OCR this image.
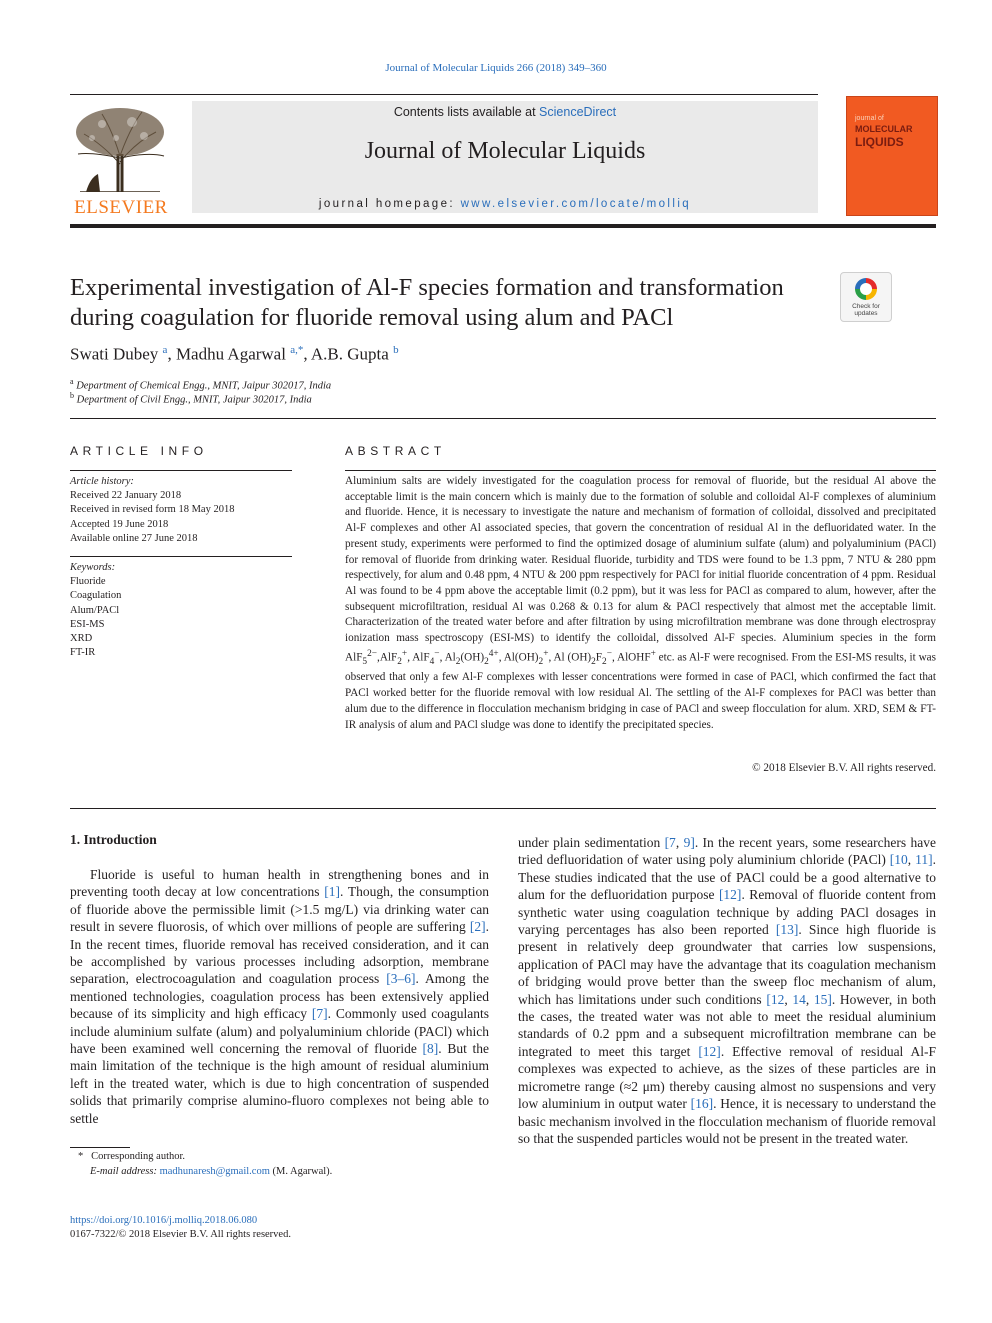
Journal of Molecular Liquids 266 (2018) 349–360
ELSEVIER
Contents lists available at ScienceDirect
Journal of Molecular Liquids
journal homepage: www.elsevier.com/locate/molliq
journal of
MOLECULAR
LIQUIDS
Experimental investigation of Al-F species formation and transformation during coagulation for fluoride removal using alum and PACl	Check for
updates
Swati Dubey $^a$, Madhu Agarwal $^{a,*}$, A.B. Gupta $^b$
$^a$ Department of Chemical Engg., MNIT, Jaipur 302017, India
$^b$ Department of Civil Engg., MNIT, Jaipur 302017, India
ARTICLE INFO
Article history:
Received 22 January 2018
Received in revised form 18 May 2018
Accepted 19 June 2018
Available online 27 June 2018
Keywords:
Fluoride
Coagulation
Alum/PACl
ESI-MS
XRD
FT-IR
ABSTRACT
Aluminium salts are widely investigated for the coagulation process for removal of fluoride, but the residual Al above the acceptable limit is the main concern which is mainly due to the formation of soluble and colloidal Al-F complexes of aluminium and fluoride. Hence, it is necessary to investigate the nature and mechanism of formation of colloidal, dissolved and precipitated Al-F complexes and other Al associated species, that govern the concentration of residual Al in the defluoridated water. In the present study, experiments were performed to find the optimized dosage of aluminium sulfate (alum) and polyaluminium (PACl) for removal of fluoride from drinking water. Residual fluoride, turbidity and TDS were found to be 1.3 ppm, 7 NTU & 280 ppm respectively, for alum and 0.48 ppm, 4 NTU & 200 ppm respectively for PACl for initial fluoride concentration of 4 ppm. Residual Al was found to be 4 ppm above the acceptable limit (0.2 ppm), but it was less for PACl as compared to alum, however, after the subsequent microfiltration, residual Al was 0.268 & 0.13 for alum & PACl respectively that almost met the acceptable limit. Characterization of the treated water before and after filtration by using microfiltration membrane was done through electrospray ionization mass spectroscopy (ESI-MS) to identify the colloidal, dissolved Al-F species. Aluminium species in the form AlF$_5^{2-}$,AlF$_2$+, AlF$_4$−, $Al_2(OH)_2^{4+}$, $Al(OH)_2^+$, Al $(OH)_2F_2^-$, AlOHF+ etc. as Al-F were recognised. From the ESI-MS results, it was observed that only a few Al-F complexes with lesser concentrations were formed in case of PACl, which confirmed the fact that PACl worked better for the fluoride removal with low residual Al. The settling of the Al-F complexes for PACl was better than alum due to the difference in flocculation mechanism bridging in case of PACl and sweep flocculation for alum. XRD, SEM & FT-IR analysis of alum and PACl sludge was done to identify the precipitated species.
© 2018 Elsevier B.V. All rights reserved.
1. Introduction

Fluoride is useful to human health in strengthening bones and in preventing tooth decay at low concentrations [1]. Though, the consumption of fluoride above the permissible limit (>1.5 mg/L) via drinking water can result in severe fluorosis, of which over millions of people are suffering [2]. In the recent times, fluoride removal has received consideration, and it can be accomplished by various processes including adsorption, membrane separation, electrocoagulation and coagulation process [3–6]. Among the mentioned technologies, coagulation process has been extensively applied because of its simplicity and high efficacy [7]. Commonly used coagulants include aluminium sulfate (alum) and polyaluminium chloride (PACl) which have been examined well concerning the removal of fluoride [8]. But the main limitation of the technique is the high amount of residual aluminium left in the treated water, which is due to high concentration of suspended solids that primarily comprise alumino-fluoro complexes not being able to settle

under plain sedimentation [7, 9]. In the recent years, some researchers have tried defluoridation of water using poly aluminium chloride (PACl) [10, 11]. These studies indicated that the use of PACl could be a good alternative to alum for the defluoridation purpose [12]. Removal of fluoride content from synthetic water using coagulation technique by adding PACl dosages in varying percentages has also been reported [13]. Since high fluoride is present in relatively deep groundwater that carries low suspensions, application of PACl may have the advantage that its coagulation mechanism of bridging would prove better than the sweep floc mechanism of alum, which has limitations under such conditions [12, 14, 15]. However, in both the cases, the treated water was not able to meet the residual aluminium standards of 0.2 ppm and a subsequent microfiltration membrane can be integrated to meet this target [12]. Effective removal of residual Al-F complexes was expected to achieve, as the sizes of these particles are in micrometre range (≈2 μm) thereby causing almost no suspensions and very low aluminium in output water [16]. Hence, it is necessary to understand the basic mechanism involved in the flocculation mechanism of fluoride removal so that the suspended particles would not be present in the treated water.

* Corresponding author.
E-mail address: madhunaresh@gmail.com (M. Agarwal).
https://doi.org/10.1016/j.molliq.2018.06.080
0167-7322/© 2018 Elsevier B.V. All rights reserved.
